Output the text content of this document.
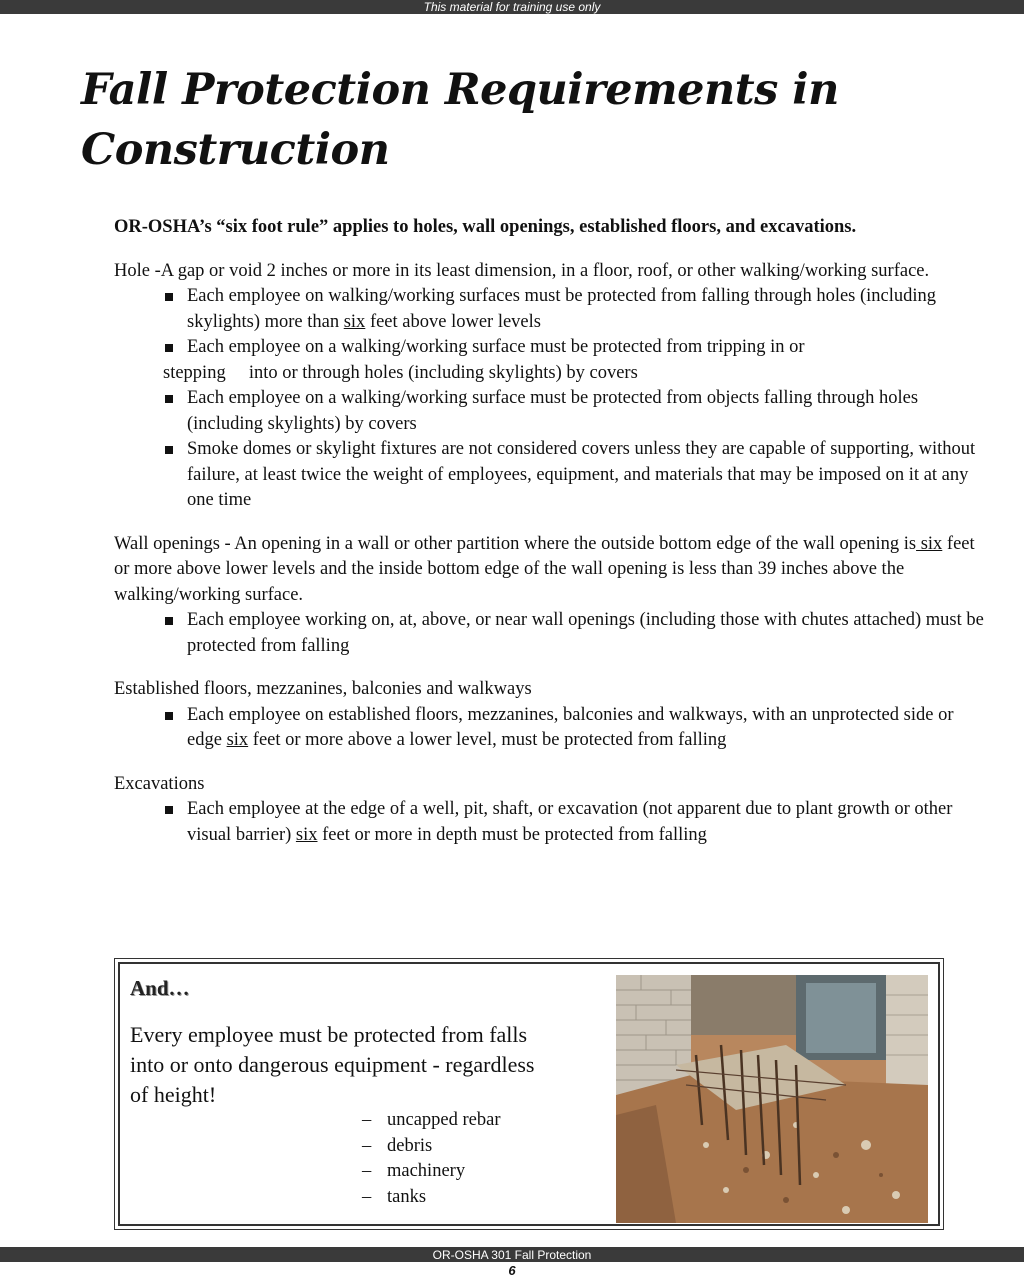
This material for training use only
Fall Protection Requirements in Construction

OR-OSHA’s “six foot rule” applies to holes, wall openings, established floors, and excavations.

Hole -A gap or void 2 inches or more in its least dimension, in a floor, roof, or other walking/working surface.

Each employee on walking/working surfaces must be protected from falling through holes (including skylights) more than six feet above lower levels
Each employee on a walking/working surface must be protected from tripping in or
stepping     into or through holes (including skylights) by covers
Each employee on a walking/working surface must be protected from objects falling through holes (including skylights) by covers
Smoke domes or skylight fixtures are not considered covers unless they are capable of supporting, without failure, at least twice the weight of employees, equipment, and materials that may be imposed on it at any one time

Wall openings - An opening in a wall or other partition where the outside bottom edge of the wall opening is six feet or more above lower levels and the inside bottom edge of the wall opening is less than 39 inches above the walking/working surface.

Each employee working on, at, above, or near wall openings (including those with chutes attached) must be protected from falling

Established floors, mezzanines, balconies and walkways

Each employee on established floors, mezzanines, balconies and walkways, with an unprotected side or edge six feet or more above a lower level, must be protected from falling

Excavations

Each employee at the edge of a well, pit, shaft, or excavation (not apparent due to plant growth or other visual barrier) six feet or more in depth must be protected from falling

And…

Every employee must be protected from falls into or onto dangerous equipment - regardless of height!

– uncapped rebar
– debris
– machinery
– tanks
OR-OSHA 301 Fall Protection
6
